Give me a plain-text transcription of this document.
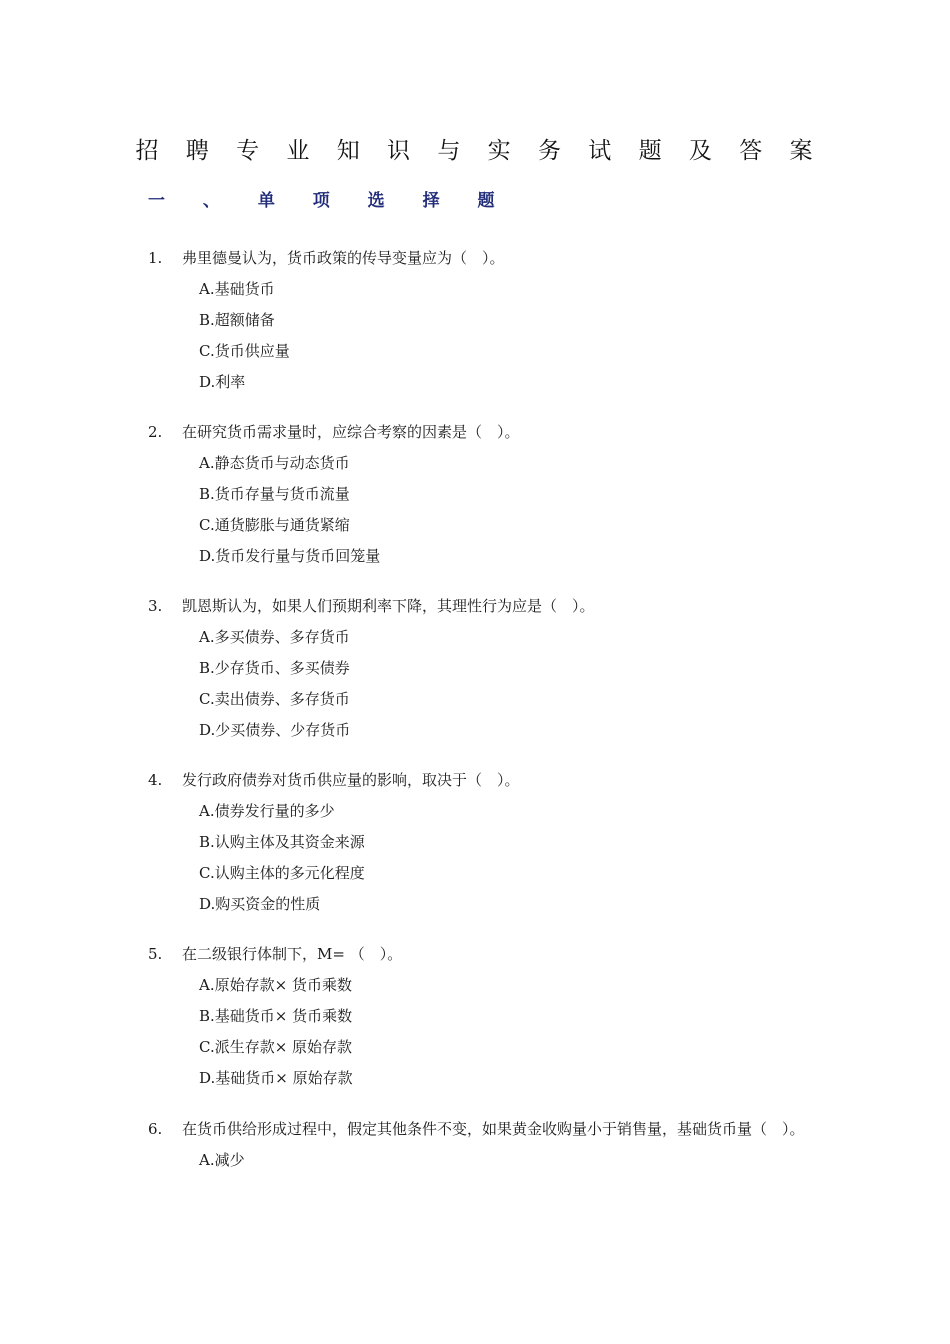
招 聘 专 业 知 识 与 实 务 试 题 及 答 案
一 、 单 项 选 择 题
1. 弗里德曼认为，货币政策的传导变量应为（　）。
A.基础货币
B.超额储备
C.货币供应量
D.利率
2. 在研究货币需求量时，应综合考察的因素是（　）。
A.静态货币与动态货币
B.货币存量与货币流量
C.通货膨胀与通货紧缩
D.货币发行量与货币回笼量
3. 凯恩斯认为，如果人们预期利率下降，其理性行为应是（　）。
A.多买债券、多存货币
B.少存货币、多买债券
C.卖出债券、多存货币
D.少买债券、少存货币
4. 发行政府债券对货币供应量的影响，取决于（　）。
A.债券发行量的多少
B.认购主体及其资金来源
C.认购主体的多元化程度
D.购买资金的性质
5. 在二级银行体制下，M= （　）。
A.原始存款× 货币乘数
B.基础货币× 货币乘数
C.派生存款× 原始存款
D.基础货币× 原始存款
6. 在货币供给形成过程中，假定其他条件不变，如果黄金收购量小于销售量，基础货币量（　）。
A.减少
